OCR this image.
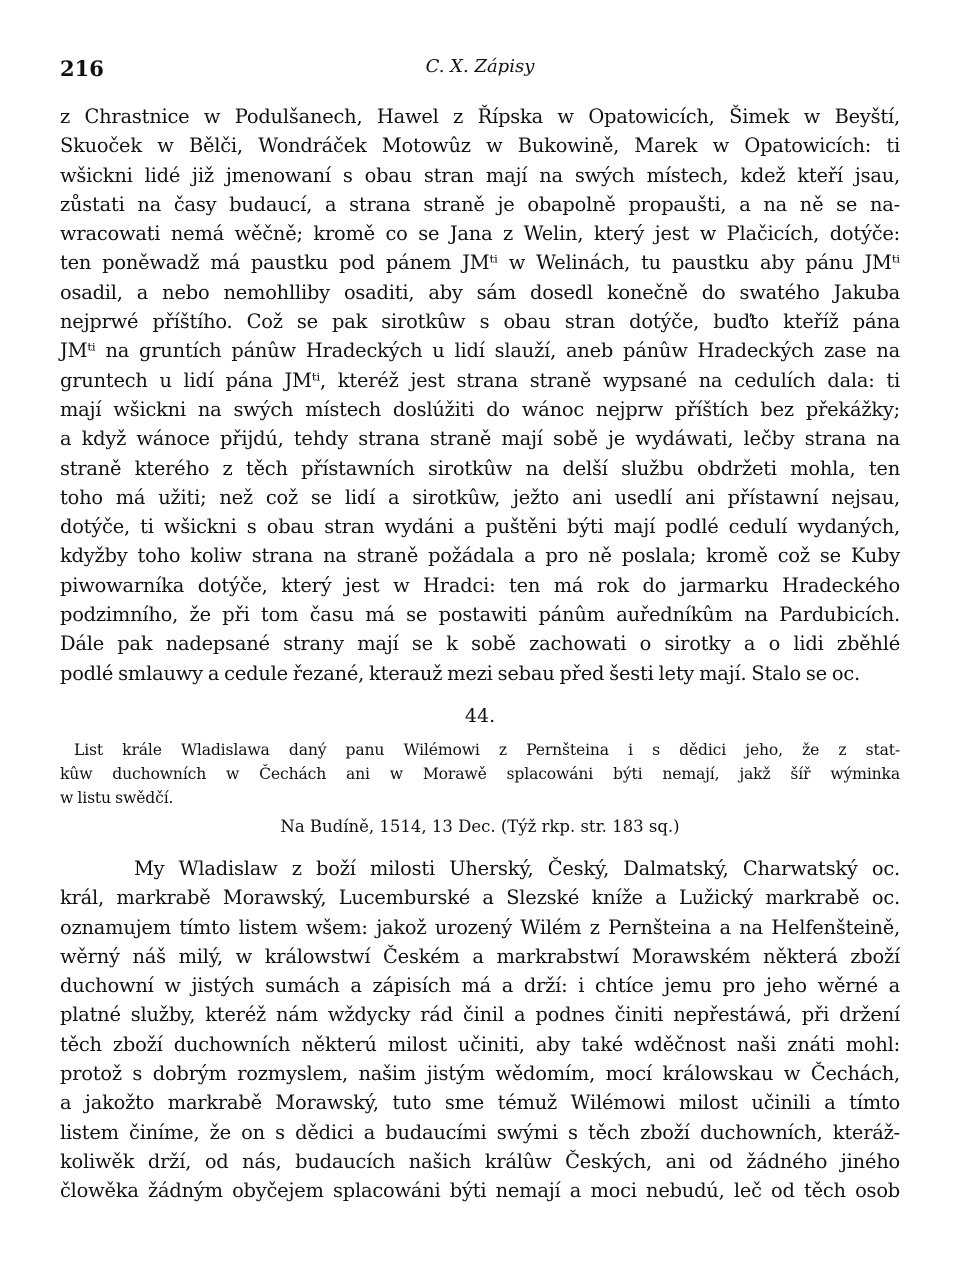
216	C. X. Zápisy
z Chrastnice w Podulšanech, Hawel z Řípska w Opatowicích, Šimek w Beyští,
Skuoček w Bělči, Wondráček Motowûz w Bukowině, Marek w Opatowicích: ti
wšickni lidé již jmenowaní s obau stran mají na swých místech, kdež kteří jsau,
zůstati na časy budaucí, a strana straně je obapolně propaušti, a na ně se na-
wracowati nemá wěčně; kromě co se Jana z Welin, který jest w Plačicích, dotýče:
ten poněwadž má paustku pod pánem JMᵗⁱ w Welinách, tu paustku aby pánu JMᵗⁱ
osadil, a nebo nemohlliby osaditi, aby sám dosedl konečně do swatého Jakuba
nejprwé příštího. Což se pak sirotkûw s obau stran dotýče, buďto kteříž pána
JMᵗⁱ na gruntích pánûw Hradeckých u lidí slauží, aneb pánûw Hradeckých zase na
gruntech u lidí pána JMᵗⁱ, kteréž jest strana straně wypsané na cedulích dala: ti
mají wšickni na swých místech doslúžiti do wánoc nejprw příštích bez překážky;
a když wánoce přijdú, tehdy strana straně mají sobě je wydáwati, lečby strana na
straně kterého z těch přístawních sirotkûw na delší službu obdržeti mohla, ten
toho má užiti; než což se lidí a sirotkûw, ježto ani usedlí ani přístawní nejsau,
dotýče, ti wšickni s obau stran wydáni a puštěni býti mají podlé cedulí wydaných,
kdyžby toho koliw strana na straně požádala a pro ně poslala; kromě což se Kuby
piwowarníka dotýče, který jest w Hradci: ten má rok do jarmarku Hradeckého
podzimního, že při tom času má se postawiti pánûm auředníkûm na Pardubicích.
Dále pak nadepsané strany mají se k sobě zachowati o sirotky a o lidi zběhlé
podlé smlauwy a cedule řezané, kterauž mezi sebau před šesti lety mají. Stalo se oc.
44.
List krále Wladislawa daný panu Wilémowi z Pernšteina i s dědici jeho, že z stat-
kûw duchowních w Čechách ani w Morawě splacowáni býti nemají, jakž šíř wýminka
w listu swědčí.
Na Budíně, 1514, 13 Dec. (Týž rkp. str. 183 sq.)
My Wladislaw z boží milosti Uherský, Český, Dalmatský, Charwatský oc.
král, markrabě Morawský, Lucemburské a Slezské kníže a Lužický markrabě oc.
oznamujem tímto listem wšem: jakož urozený Wilém z Pernšteina a na Helfenšteině,
wěrný náš milý, w králowstwí Českém a markrabstwí Morawském některá zboží
duchowní w jistých sumách a zápisích má a drží: i chtíce jemu pro jeho wěrné a
platné služby, kteréž nám wždycky rád činil a podnes činiti nepřestáwá, při držení
těch zboží duchowních některú milost učiniti, aby také wděčnost naši znáti mohl:
protož s dobrým rozmyslem, našim jistým wědomím, mocí králowskau w Čechách,
a jakožto markrabě Morawský, tuto sme témuž Wilémowi milost učinili a tímto
listem činíme, že on s dědici a budaucími swými s těch zboží duchowních, kteráž-
koliwěk drží, od nás, budaucích našich králûw Českých, ani od žádného jiného
člowěka žádným obyčejem splacowáni býti nemají a moci nebudú, leč od těch osob
